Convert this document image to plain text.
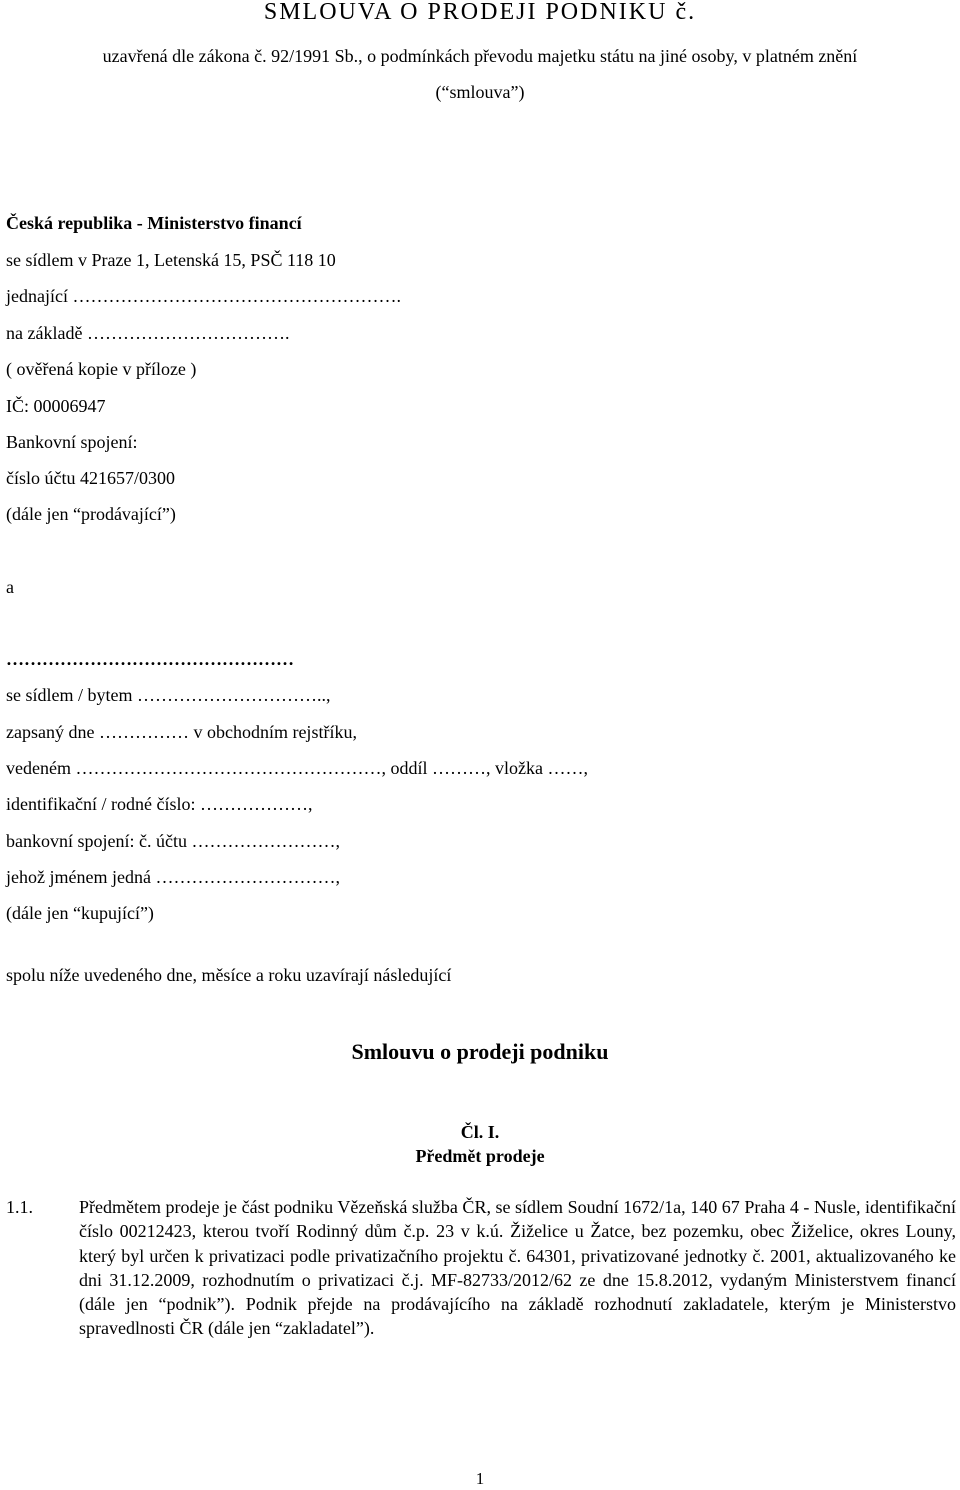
SMLOUVA O PRODEJI PODNIKU č.
uzavřená dle zákona č. 92/1991 Sb., o podmínkách převodu majetku státu na jiné osoby, v platném znění
(“smlouva”)
Česká republika - Ministerstvo financí
se sídlem v Praze 1, Letenská 15, PSČ 118 10
jednající ……………………………………………….
na základě …………………………….
( ověřená kopie v příloze )
IČ: 00006947
Bankovní spojení:
číslo účtu 421657/0300
(dále jen “prodávající”)
a
…………………………………………
se sídlem / bytem …………………………..,
zapsaný dne …………… v obchodním rejstříku,
vedeném ……………………………………………, oddíl ………, vložka ……,
identifikační / rodné číslo: ………………,
bankovní spojení: č. účtu ……………………,
jehož jménem jedná …………………………,
(dále jen “kupující”)
spolu níže uvedeného dne, měsíce a roku uzavírají následující
Smlouvu o prodeji podniku
Čl. I.
Předmět prodeje
1.1.	Předmětem prodeje je část podniku Vězeňská služba ČR, se sídlem Soudní 1672/1a, 140 67 Praha 4 - Nusle, identifikační číslo 00212423, kterou tvoří Rodinný dům č.p. 23 v k.ú. Žiželice u Žatce, bez pozemku, obec Žiželice, okres Louny, který byl určen k privatizaci podle privatizačního projektu č. 64301, privatizované jednotky č. 2001, aktualizovaného ke dni 31.12.2009, rozhodnutím o privatizaci č.j. MF-82733/2012/62 ze dne 15.8.2012, vydaným Ministerstvem financí (dále jen “podnik”). Podnik přejde na prodávajícího na základě rozhodnutí zakladatele, kterým je Ministerstvo spravedlnosti ČR (dále jen “zakladatel”).
1
